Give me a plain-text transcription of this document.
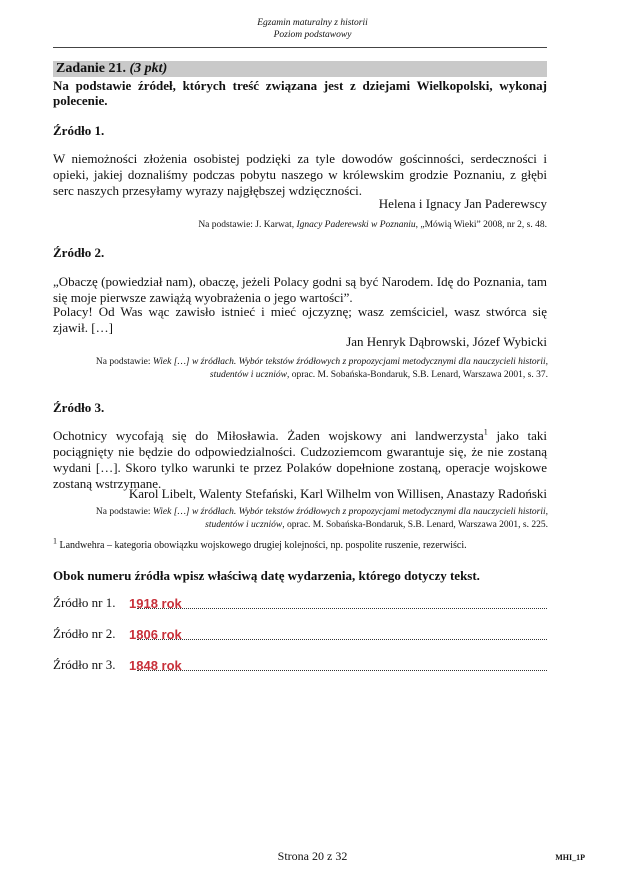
Egzamin maturalny z historii
Poziom podstawowy
Zadanie 21. (3 pkt)
Na podstawie źródeł, których treść związana jest z dziejami Wielkopolski, wykonaj polecenie.
Źródło 1.
W niemożności złożenia osobistej podzięki za tyle dowodów gościnności, serdeczności i opieki, jakiej doznaliśmy podczas pobytu naszego w królewskim grodzie Poznaniu, z głębi serc naszych przesyłamy wyrazy najgłębszej wdzięczności.
Helena i Ignacy Jan Paderewscy
Na podstawie: J. Karwat, Ignacy Paderewski w Poznaniu, „Mówią Wieki” 2008, nr 2, s. 48.
Źródło 2.
„Obaczę (powiedział nam), obaczę, jeżeli Polacy godni są być Narodem. Idę do Poznania, tam się moje pierwsze zawiążą wyobrażenia o jego wartości”.
Polacy! Od Was wąc zawisło istnieć i mieć ojczyznę; wasz zemściciel, wasz stwórca się zjawił. […]
Jan Henryk Dąbrowski, Józef Wybicki
Na podstawie: Wiek […] w źródłach. Wybór tekstów źródłowych z propozycjami metodycznymi dla nauczycieli historii, studentów i uczniów, oprac. M. Sobańska-Bondaruk, S.B. Lenard, Warszawa 2001, s. 37.
Źródło 3.
Ochotnicy wycofają się do Miłosławia. Żaden wojskowy ani landwerzysta$^1$ jako taki pociągnięty nie będzie do odpowiedzialności. Cudzoziemcom gwarantuje się, że nie zostaną wydani […]. Skoro tylko warunki te przez Polaków dopełnione zostaną, operacje wojskowe zostaną wstrzymane.
Karol Libelt, Walenty Stefański, Karl Wilhelm von Willisen, Anastazy Radoński
Na podstawie: Wiek […] w źródłach. Wybór tekstów źródłowych z propozycjami metodycznymi dla nauczycieli historii, studentów i uczniów, oprac. M. Sobańska-Bondaruk, S.B. Lenard, Warszawa 2001, s. 225.
$^1$ Landwehra – kategoria obowiązku wojskowego drugiej kolejności, np. pospolite ruszenie, rezerwiści.
Obok numeru źródła wpisz właściwą datę wydarzenia, którego dotyczy tekst.
Źródło nr 1. 1918 rok
Źródło nr 2. 1806 rok
Źródło nr 3. 1848 rok
Strona 20 z 32	MHI_1P
